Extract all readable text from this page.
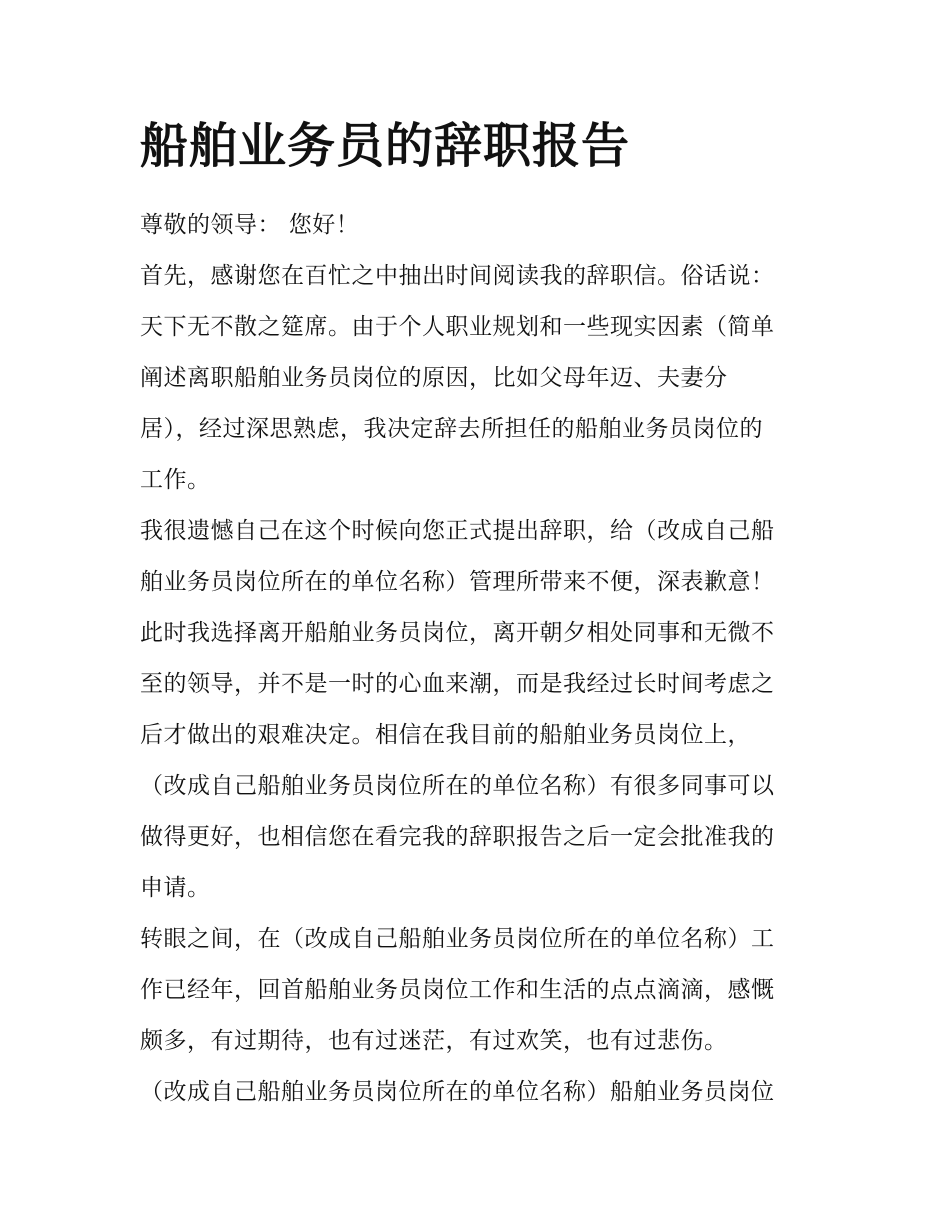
船舶业务员的辞职报告
尊敬的领导： 您好！
首先，感谢您在百忙之中抽出时间阅读我的辞职信。俗话说：
天下无不散之筵席。由于个人职业规划和一些现实因素（简单
阐述离职船舶业务员岗位的原因，比如父母年迈、夫妻分
居），经过深思熟虑，我决定辞去所担任的船舶业务员岗位的
工作。
我很遗憾自己在这个时候向您正式提出辞职，给（改成自己船
舶业务员岗位所在的单位名称）管理所带来不便，深表歉意！
此时我选择离开船舶业务员岗位，离开朝夕相处同事和无微不
至的领导，并不是一时的心血来潮，而是我经过长时间考虑之
后才做出的艰难决定。相信在我目前的船舶业务员岗位上，
（改成自己船舶业务员岗位所在的单位名称）有很多同事可以
做得更好，也相信您在看完我的辞职报告之后一定会批准我的
申请。
转眼之间，在（改成自己船舶业务员岗位所在的单位名称）工
作已经年，回首船舶业务员岗位工作和生活的点点滴滴，感慨
颇多，有过期待，也有过迷茫，有过欢笑，也有过悲伤。
（改成自己船舶业务员岗位所在的单位名称）船舶业务员岗位
